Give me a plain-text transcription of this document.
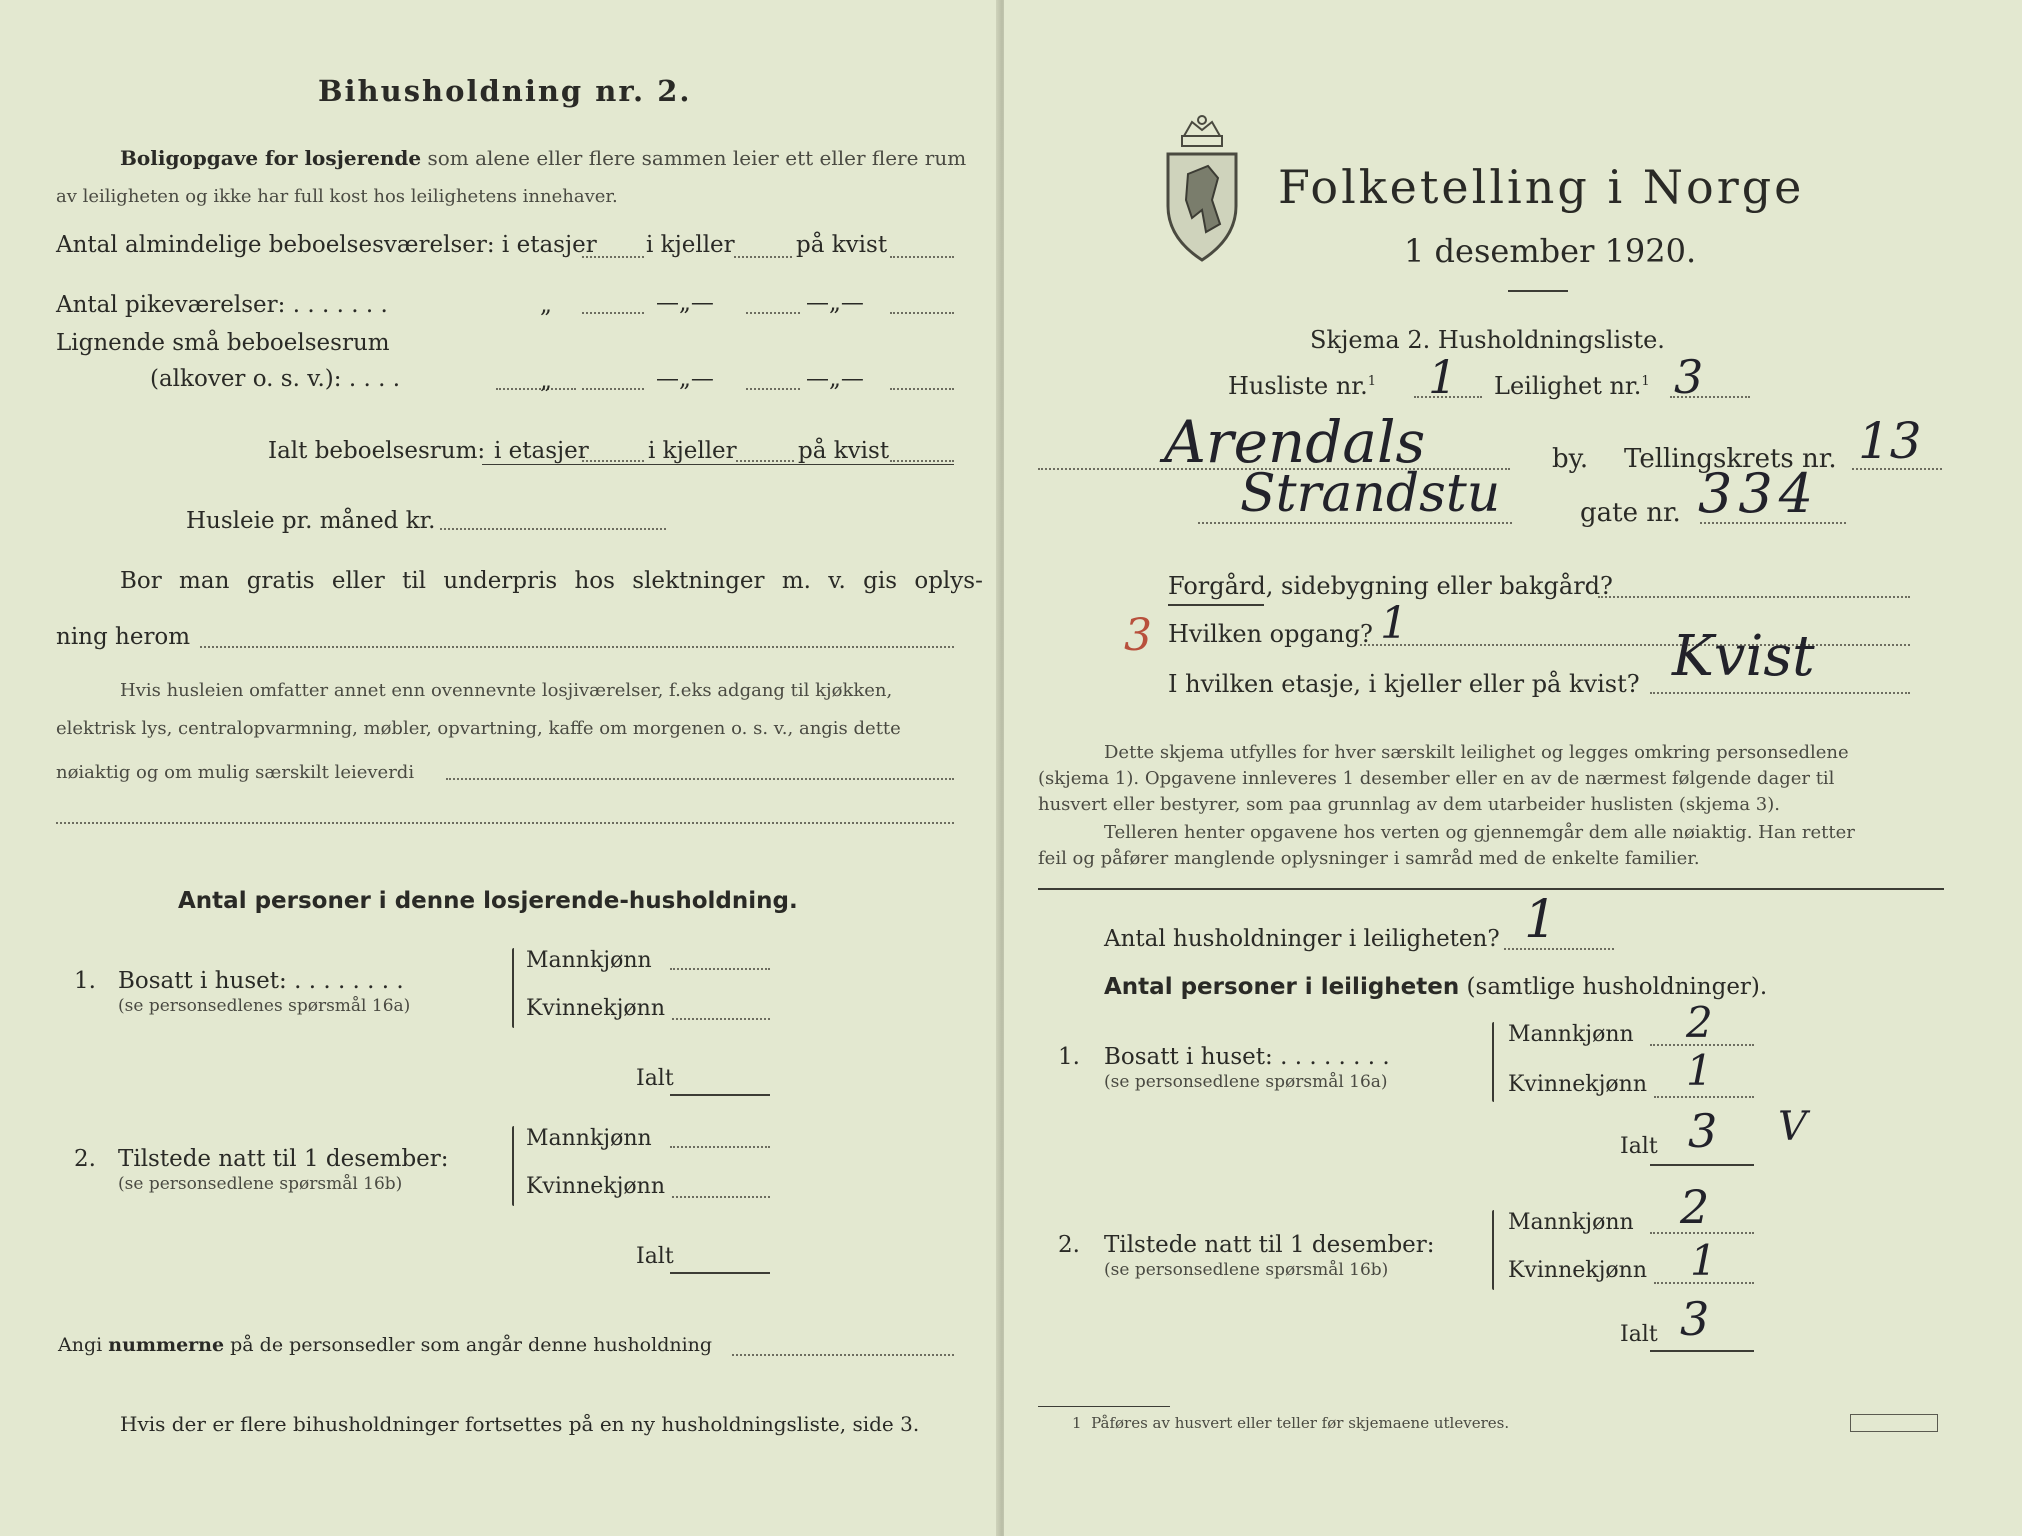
Bihusholdning nr. 2.
Boligopgave for losjerende som alene eller flere sammen leier ett eller flere rum
av leiligheten og ikke har full kost hos leilighetens innehaver.
Antal almindelige beboelsesværelser: i etasjer i kjeller	på kvist
Antal pikeværelser: . . . . . . .	„	—„—	—„—
Lignende små beboelsesrum
(alkover o. s. v.): . . . .	„	—„—	—„—
Ialt beboelsesrum: i etasjer	i kjeller	på kvist
Husleie pr. måned kr.
Bor man gratis eller til underpris hos slektninger m. v. gis oplys-
ning herom
Hvis husleien omfatter annet enn ovennevnte losjiværelser, f.eks adgang til kjøkken,
elektrisk lys, centralopvarmning, møbler, opvartning, kaffe om morgenen o. s. v., angis dette
nøiaktig og om mulig særskilt leieverdi
Antal personer i denne losjerende-husholdning.
1. Bosatt i huset: . . . . . . . .
(se personsedlenes spørsmål 16a)
Mannkjønn
Kvinnekjønn
Ialt
2. Tilstede natt til 1 desember:
(se personsedlene spørsmål 16b)
Mannkjønn
Kvinnekjønn
Ialt
Angi nummerne på de personsedler som angår denne husholdning
Hvis der er flere bihusholdninger fortsettes på en ny husholdningsliste, side 3.
Folketelling i Norge
1 desember 1920.
Skjema 2. Husholdningsliste.
Husliste nr.$^1$ 1 Leilighet nr.$^1$ 3
Arendals	by. Tellingskrets nr. 13
Strandstu	gate nr. 334
Forgård, sidebygning eller bakgård?
3 Hvilken opgang? 1
I hvilken etasje, i kjeller eller på kvist? Kvist
Dette skjema utfylles for hver særskilt leilighet og legges omkring personsedlene
(skjema 1). Opgavene innleveres 1 desember eller en av de nærmest følgende dager til
husvert eller bestyrer, som paa grunnlag av dem utarbeider huslisten (skjema 3).
Telleren henter opgavene hos verten og gjennemgår dem alle nøiaktig. Han retter
feil og påfører manglende oplysninger i samråd med de enkelte familier.
Antal husholdninger i leiligheten? 1
Antal personer i leiligheten (samtlige husholdninger).
1. Bosatt i huset: . . . . . . . .
(se personsedlene spørsmål 16a)
Mannkjønn 2
Kvinnekjønn 1
Ialt 3 V
2. Tilstede natt til 1 desember:
(se personsedlene spørsmål 16b)
Mannkjønn 2
Kvinnekjønn 1
Ialt 3
1 Påføres av husvert eller teller før skjemaene utleveres.
